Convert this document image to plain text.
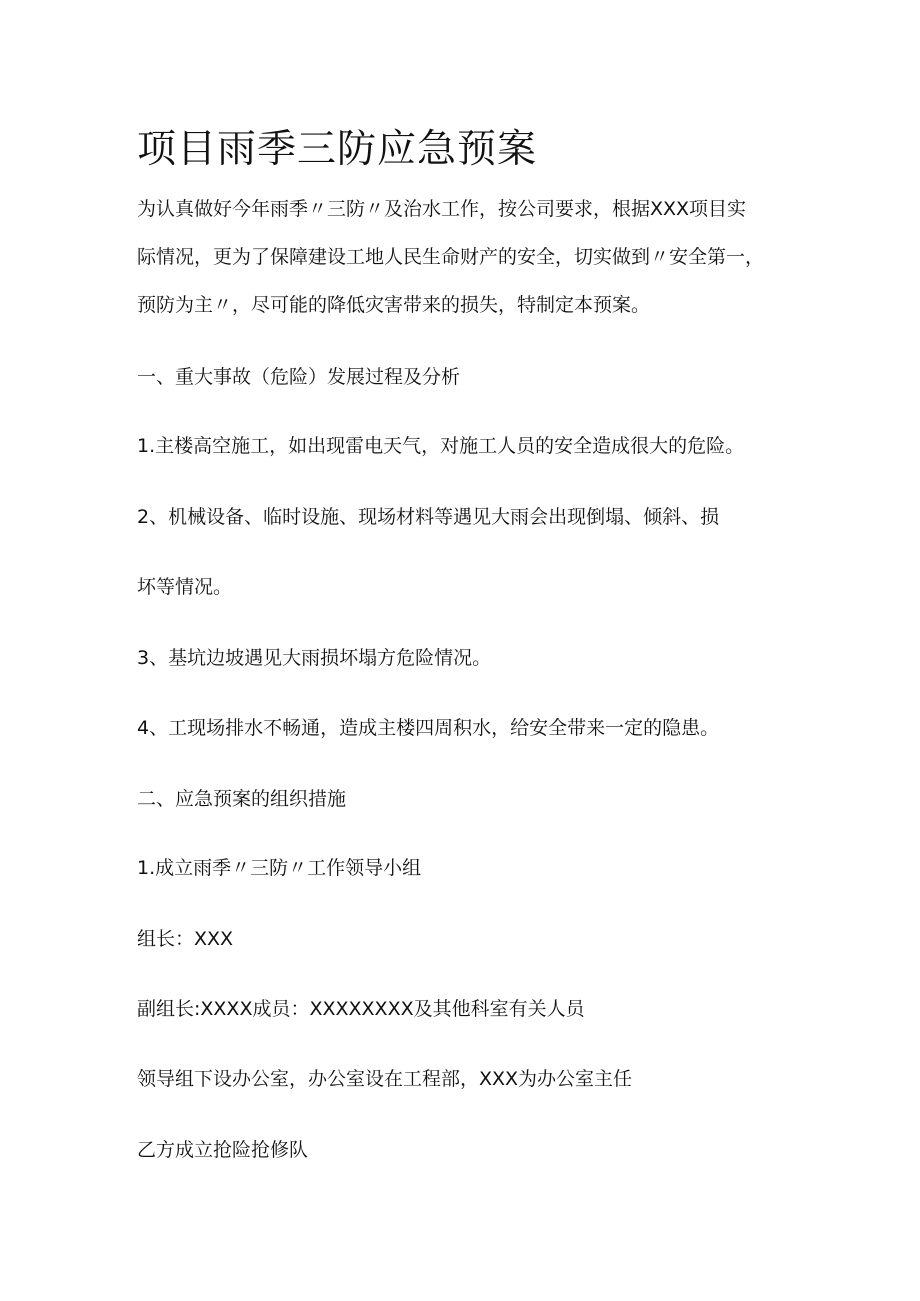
项目雨季三防应急预案

为认真做好今年雨季〃三防〃及治水工作，按公司要求，根据XXX项目实

际情况，更为了保障建设工地人民生命财产的安全，切实做到〃安全第一，

预防为主〃，尽可能的降低灾害带来的损失，特制定本预案。

一、重大事故（危险）发展过程及分析

1.主楼高空施工，如出现雷电天气，对施工人员的安全造成很大的危险。

2、机械设备、临时设施、现场材料等遇见大雨会出现倒塌、倾斜、损

坏等情况。

3、基坑边坡遇见大雨损坏塌方危险情况。

4、工现场排水不畅通，造成主楼四周积水，给安全带来一定的隐患。

二、应急预案的组织措施

1.成立雨季〃三防〃工作领导小组

组长：XXX

副组长:XXXX成员：XXXXXXXX及其他科室有关人员

领导组下设办公室，办公室设在工程部，XXX为办公室主任

乙方成立抢险抢修队
